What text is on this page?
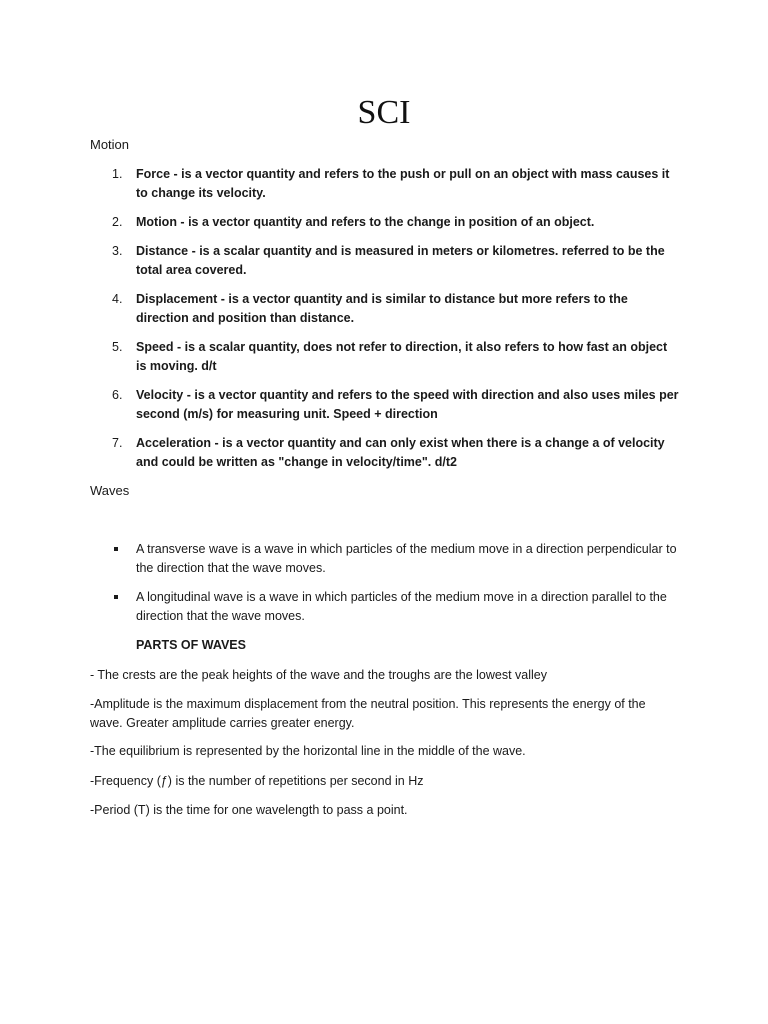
SCI
Motion
1. Force - is a vector quantity and refers to the push or pull on an object with mass causes it to change its velocity.
2. Motion - is a vector quantity and refers to the change in position of an object.
3. Distance - is a scalar quantity and is measured in meters or kilometres. referred to be the total area covered.
4. Displacement - is a vector quantity and is similar to distance but more refers to the direction and position than distance.
5. Speed - is a scalar quantity, does not refer to direction, it also refers to how fast an object is moving. d/t
6. Velocity - is a vector quantity and refers to the speed with direction and also uses miles per second (m/s) for measuring unit. Speed + direction
7. Acceleration - is a vector quantity and can only exist when there is a change a of velocity and could be written as "change in velocity/time". d/t2
Waves
A transverse wave is a wave in which particles of the medium move in a direction perpendicular to the direction that the wave moves.
A longitudinal wave is a wave in which particles of the medium move in a direction parallel to the direction that the wave moves.
PARTS OF WAVES

- The crests are the peak heights of the wave and the troughs are the lowest valley

-Amplitude is the maximum displacement from the neutral position. This represents the energy of the wave. Greater amplitude carries greater energy.

-The equilibrium is represented by the horizontal line in the middle of the wave.

-Frequency (ƒ) is the number of repetitions per second in Hz

-Period (T) is the time for one wavelength to pass a point.
